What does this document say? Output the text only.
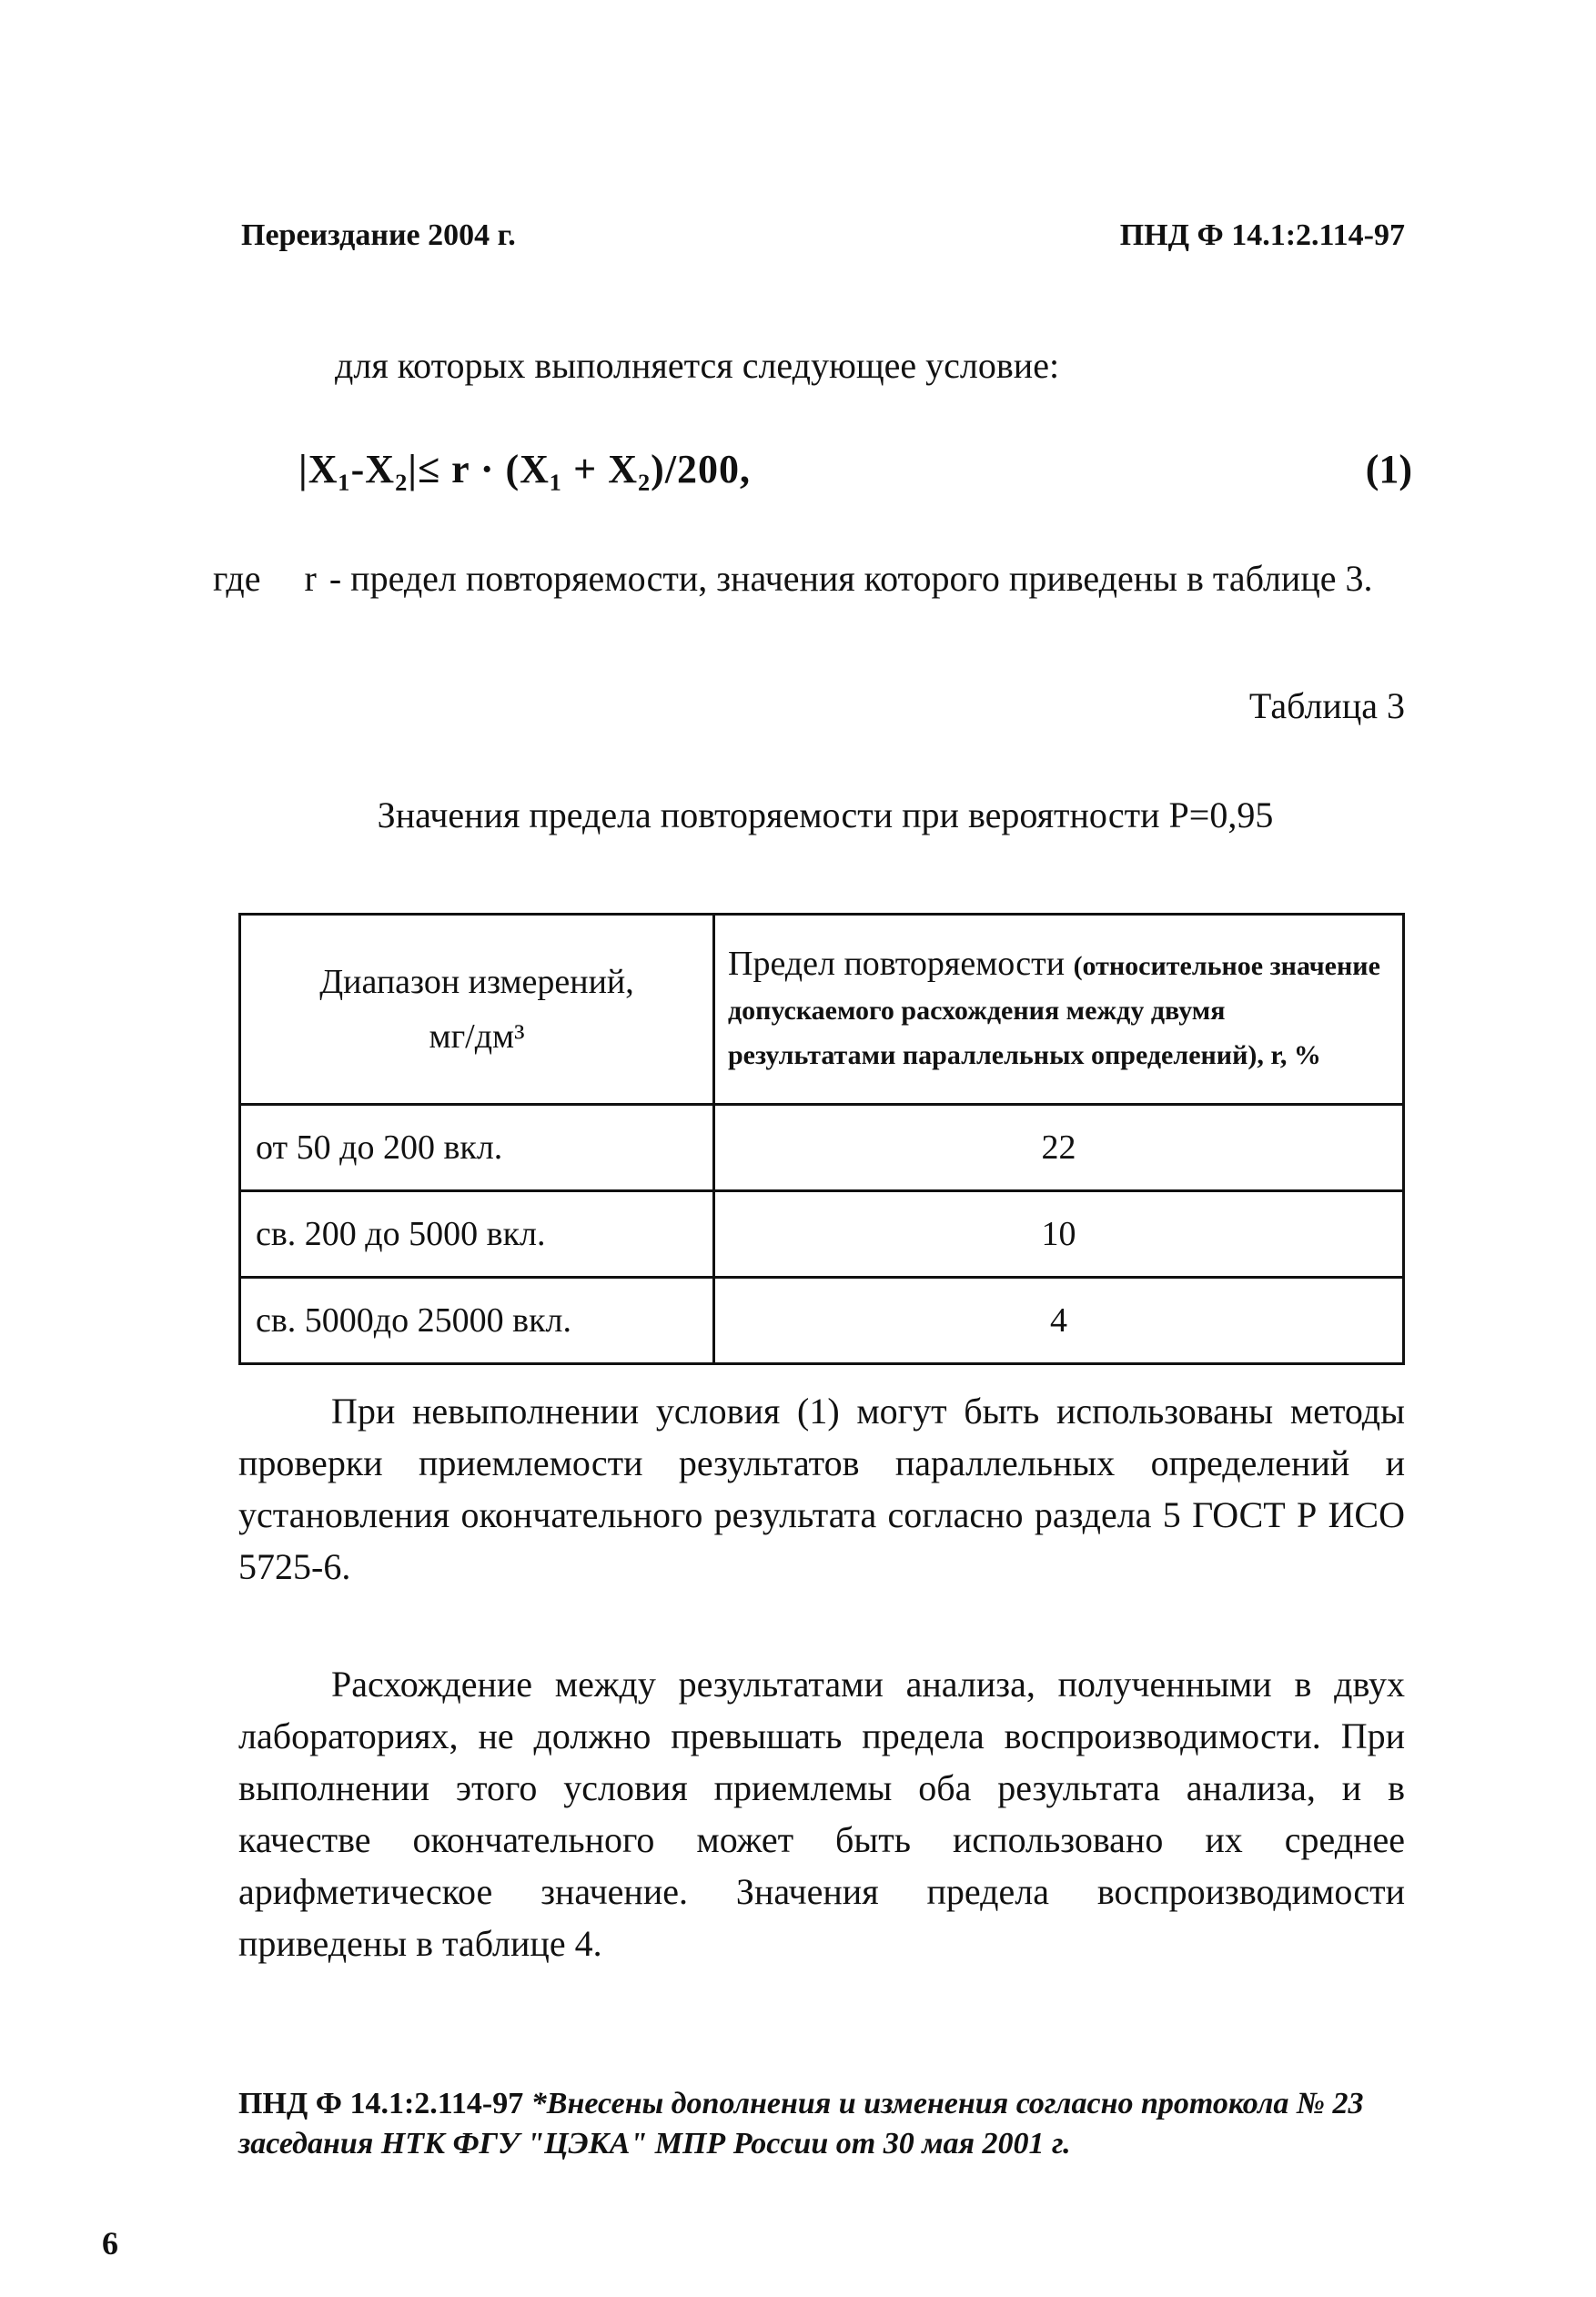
Переиздание 2004 г.	ПНД Ф 14.1:2.114-97
для которых выполняется следующее условие:
|X₁-X₂|≤ r · (X₁ + X₂)/200,	(1)
где r - предел повторяемости, значения которого приведены в таблице 3.
Таблица 3
Значения предела повторяемости при вероятности P=0,95
Диапазон измерений,
мг/дм³	Предел повторяемости (относительное значение допускаемого расхождения между двумя результатами параллельных определений), r, %
от 50 до 200 вкл.	22
св. 200 до 5000 вкл.	10
св. 5000до 25000 вкл.	4

При невыполнении условия (1) могут быть использованы методы проверки приемлемости результатов параллельных определений и установления окончательного результата согласно раздела 5 ГОСТ Р ИСО 5725-6.

Расхождение между результатами анализа, полученными в двух лабораториях, не должно превышать предела воспроизводимости. При выполнении этого условия приемлемы оба результата анализа, и в качестве окончательного может быть использовано их среднее арифметическое значение. Значения предела воспроизводимости приведены в таблице 4.

ПНД Ф 14.1:2.114-97 *Внесены дополнения и изменения согласно протокола № 23 заседания НТК ФГУ "ЦЭКА" МПР России от 30 мая 2001 г.
6
